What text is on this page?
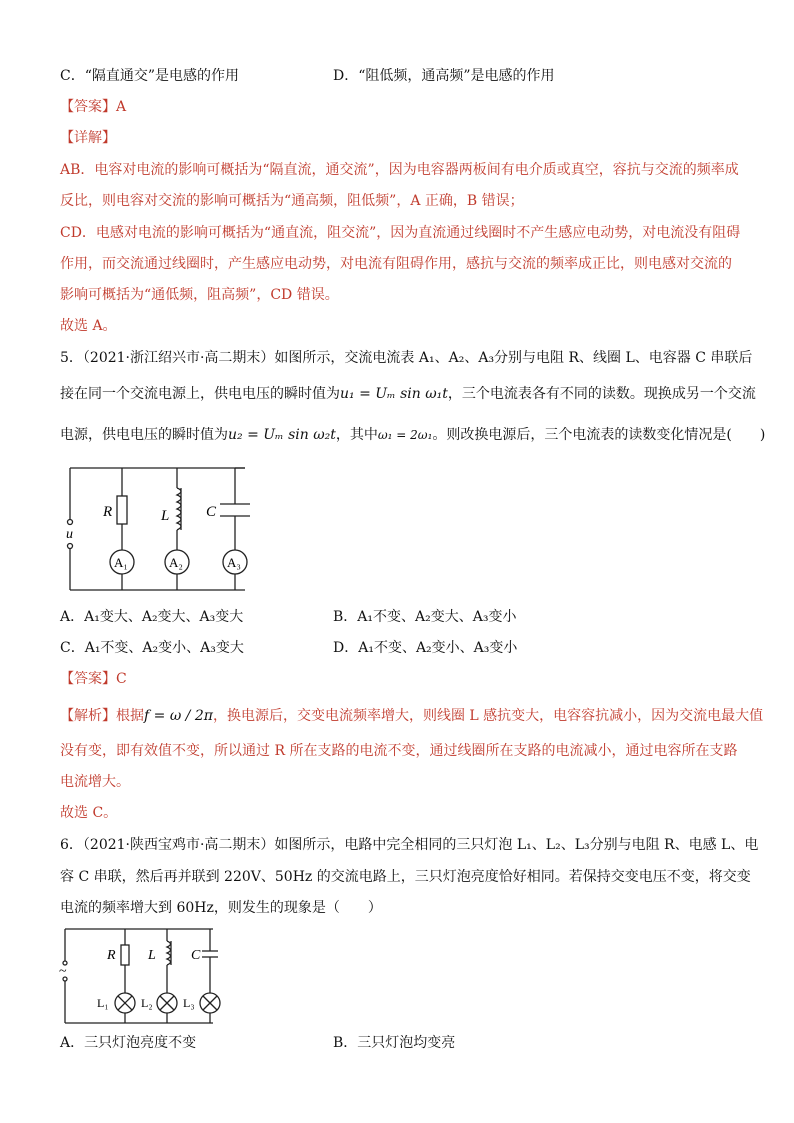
C．“隔直通交”是电感的作用	D．“阻低频，通高频”是电感的作用
【答案】A
【详解】
AB．电容对电流的影响可概括为“隔直流，通交流”，因为电容器两板间有电介质或真空，容抗与交流的频率成
反比，则电容对交流的影响可概括为“通高频，阻低频”，A 正确，B 错误；
CD．电感对电流的影响可概括为“通直流，阻交流”，因为直流通过线圈时不产生感应电动势，对电流没有阻碍
作用，而交流通过线圈时，产生感应电动势，对电流有阻碍作用，感抗与交流的频率成正比，则电感对交流的
影响可概括为“通低频，阻高频”，CD 错误。
故选 A。
5．（2021·浙江绍兴市·高二期末）如图所示，交流电流表 A₁、A₂、A₃分别与电阻 R、线圈 L、电容器 C 串联后
接在同一个交流电源上，供电电压的瞬时值为u₁ = Uₘ sin ω₁t，三个电流表各有不同的读数。现换成另一个交流
电源，供电电压的瞬时值为u₂ = Uₘ sin ω₂t，其中ω₁ = 2ω₁。则改换电源后，三个电流表的读数变化情况是(　　)
u
R	L C
A₁	A₂	A₃
A．A₁变大、A₂变大、A₃变大	B．A₁不变、A₂变大、A₃变小
C．A₁不变、A₂变小、A₃变大	D．A₁不变、A₂变小、A₃变小
【答案】C
【解析】根据f = ω / 2π，换电源后，交变电流频率增大，则线圈 L 感抗变大，电容容抗减小，因为交流电最大值
没有变，即有效值不变，所以通过 R 所在支路的电流不变，通过线圈所在支路的电流减小，通过电容所在支路
电流增大。
故选 C。
6．（2021·陕西宝鸡市·高二期末）如图所示，电路中完全相同的三只灯泡 L₁、L₂、L₃分别与电阻 R、电感 L、电
容 C 串联，然后再并联到 220V、50Hz 的交流电路上，三只灯泡亮度恰好相同。若保持交变电压不变，将交变
电流的频率增大到 60Hz，则发生的现象是（　　）
~
R L	C
L₁	L₂	L₃
A．三只灯泡亮度不变	B．三只灯泡均变亮
